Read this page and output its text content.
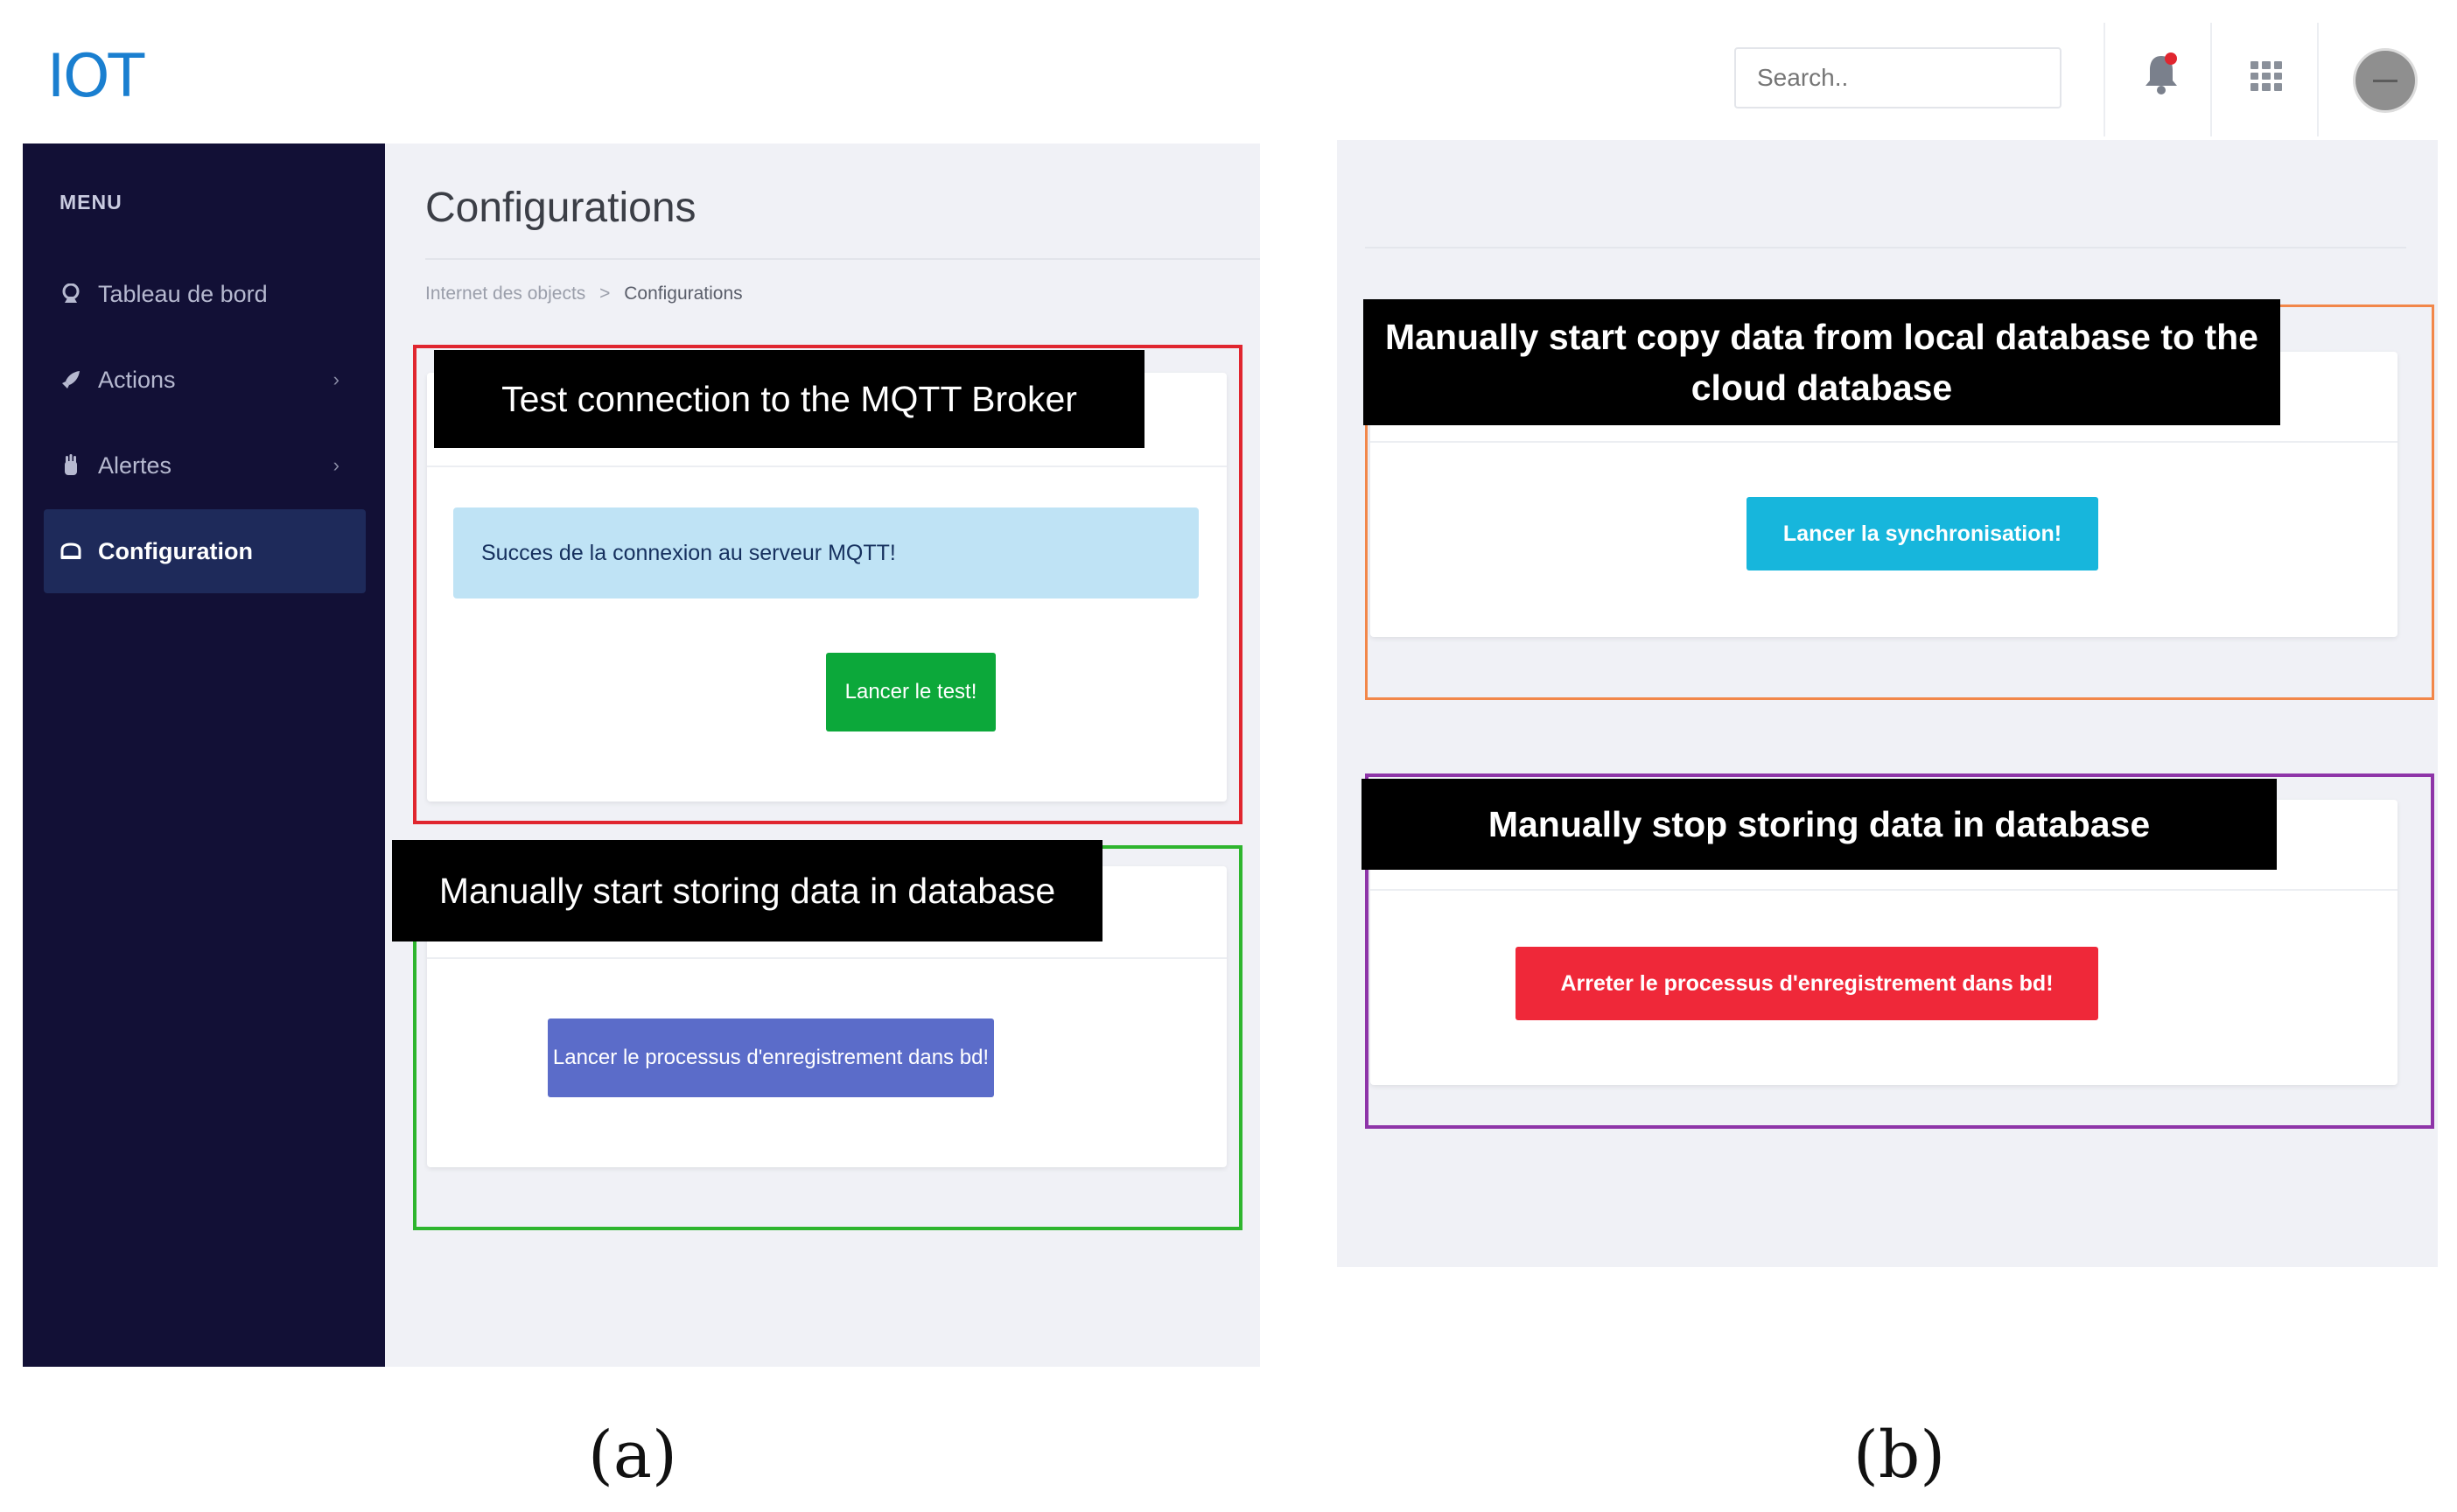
IOT
Search..
MENU
Tableau de bord
Actions	›
Alertes	›
Configuration
Configurations
Internet des objects > Configurations
Succes de la connexion au serveur MQTT!
Lancer le test!
Test connection to the MQTT Broker
Lancer le processus d'enregistrement dans bd!
Manually start storing data in database
Lancer la synchronisation!
Manually start copy data from local database to the cloud database
Arreter le processus d'enregistrement dans bd!
Manually stop storing data in database
(a)	(b)
